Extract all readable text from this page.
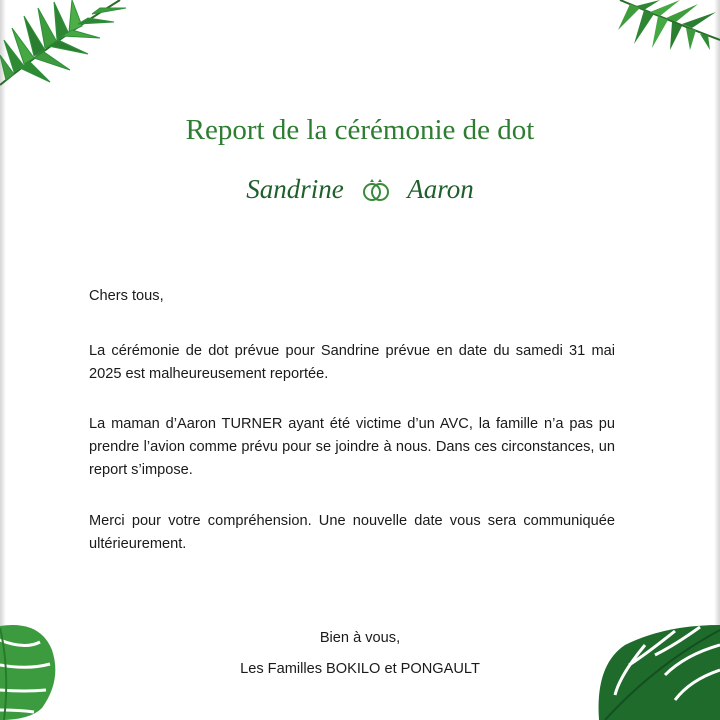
Report de la cérémonie de dot
Sandrine Aaron

Chers tous,

La cérémonie de dot prévue pour Sandrine prévue en date du samedi 31 mai 2025 est malheureusement reportée.

La maman d’Aaron TURNER ayant été victime d’un AVC, la famille n’a pas pu prendre l’avion comme prévu pour se joindre à nous. Dans ces circonstances, un report s’impose.

Merci pour votre compréhension. Une nouvelle date vous sera communiquée ultérieurement.

Bien à vous,
Les Familles BOKILO et PONGAULT
